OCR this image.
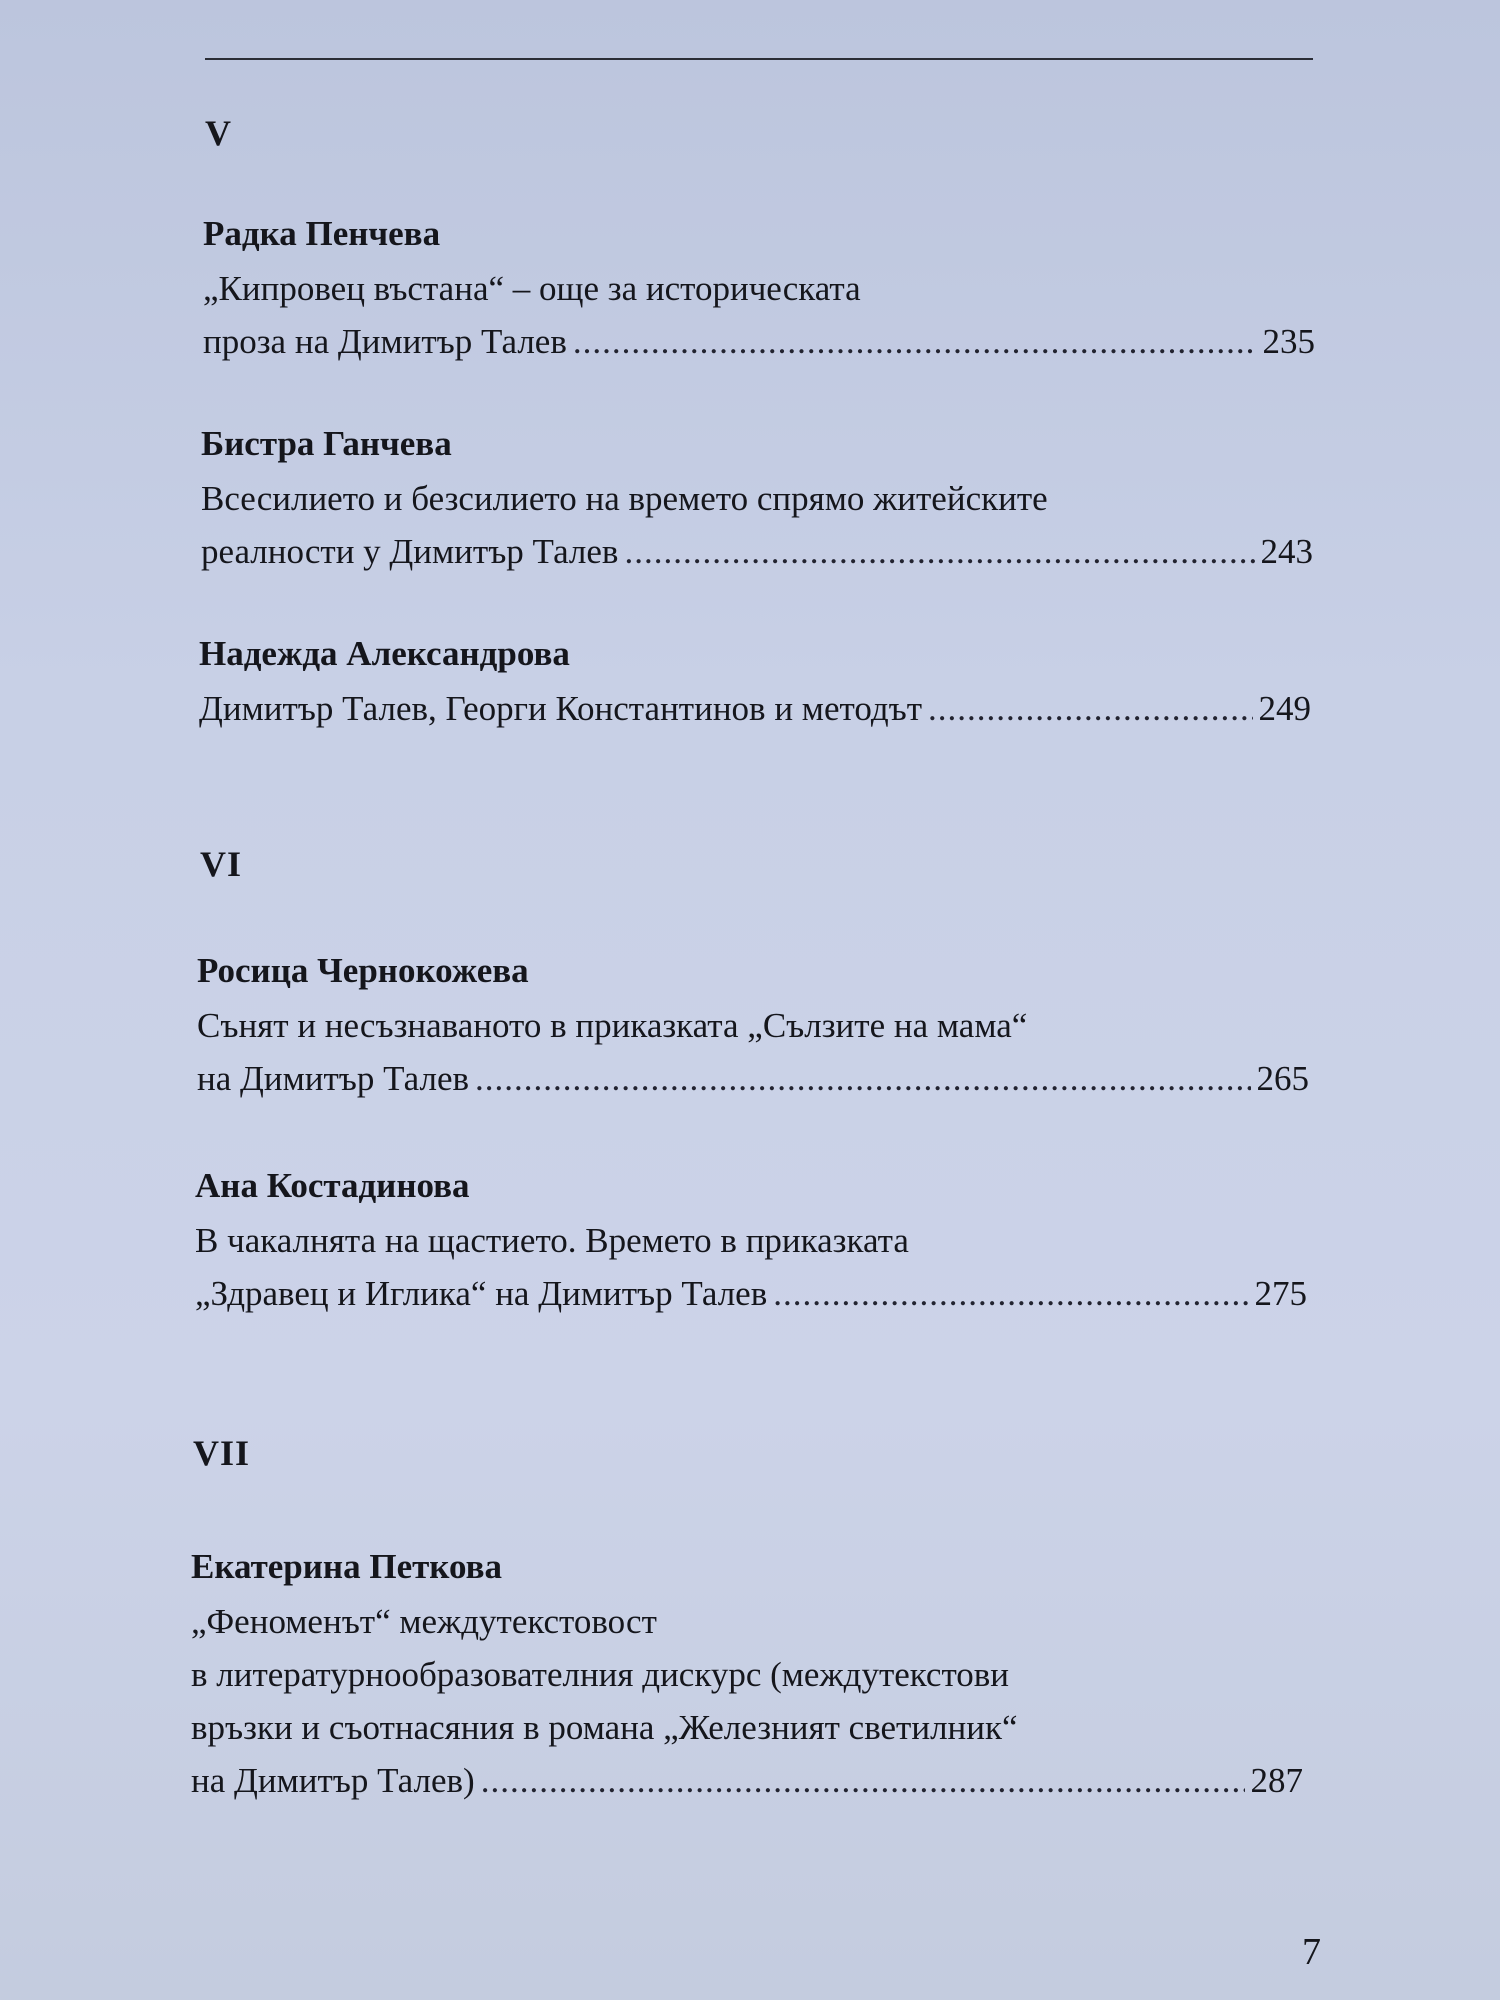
V
Радка Пенчева
„Кипровец въстана“ – още за историческата
проза на Димитър Талев .....	235
Бистра Ганчева
Всесилието и безсилието на времето спрямо житейските
реалности у Димитър Талев .....	243
Надежда Александрова
Димитър Талев, Георги Константинов и методът .....	249
VI
Росица Чернокожева
Сънят и несъзнаваното в приказката „Сълзите на мама“
на Димитър Талев .....	265
Ана Костадинова
В чакалнята на щастието. Времето в приказката
„Здравец и Иглика“ на Димитър Талев .....	275
VII
Екатерина Петкова
„Феноменът“ междутекстовост
в литературнообразователния дискурс (междутекстови
връзки и съотнасяния в романа „Железният светилник“
на Димитър Талев) .....	287
7
